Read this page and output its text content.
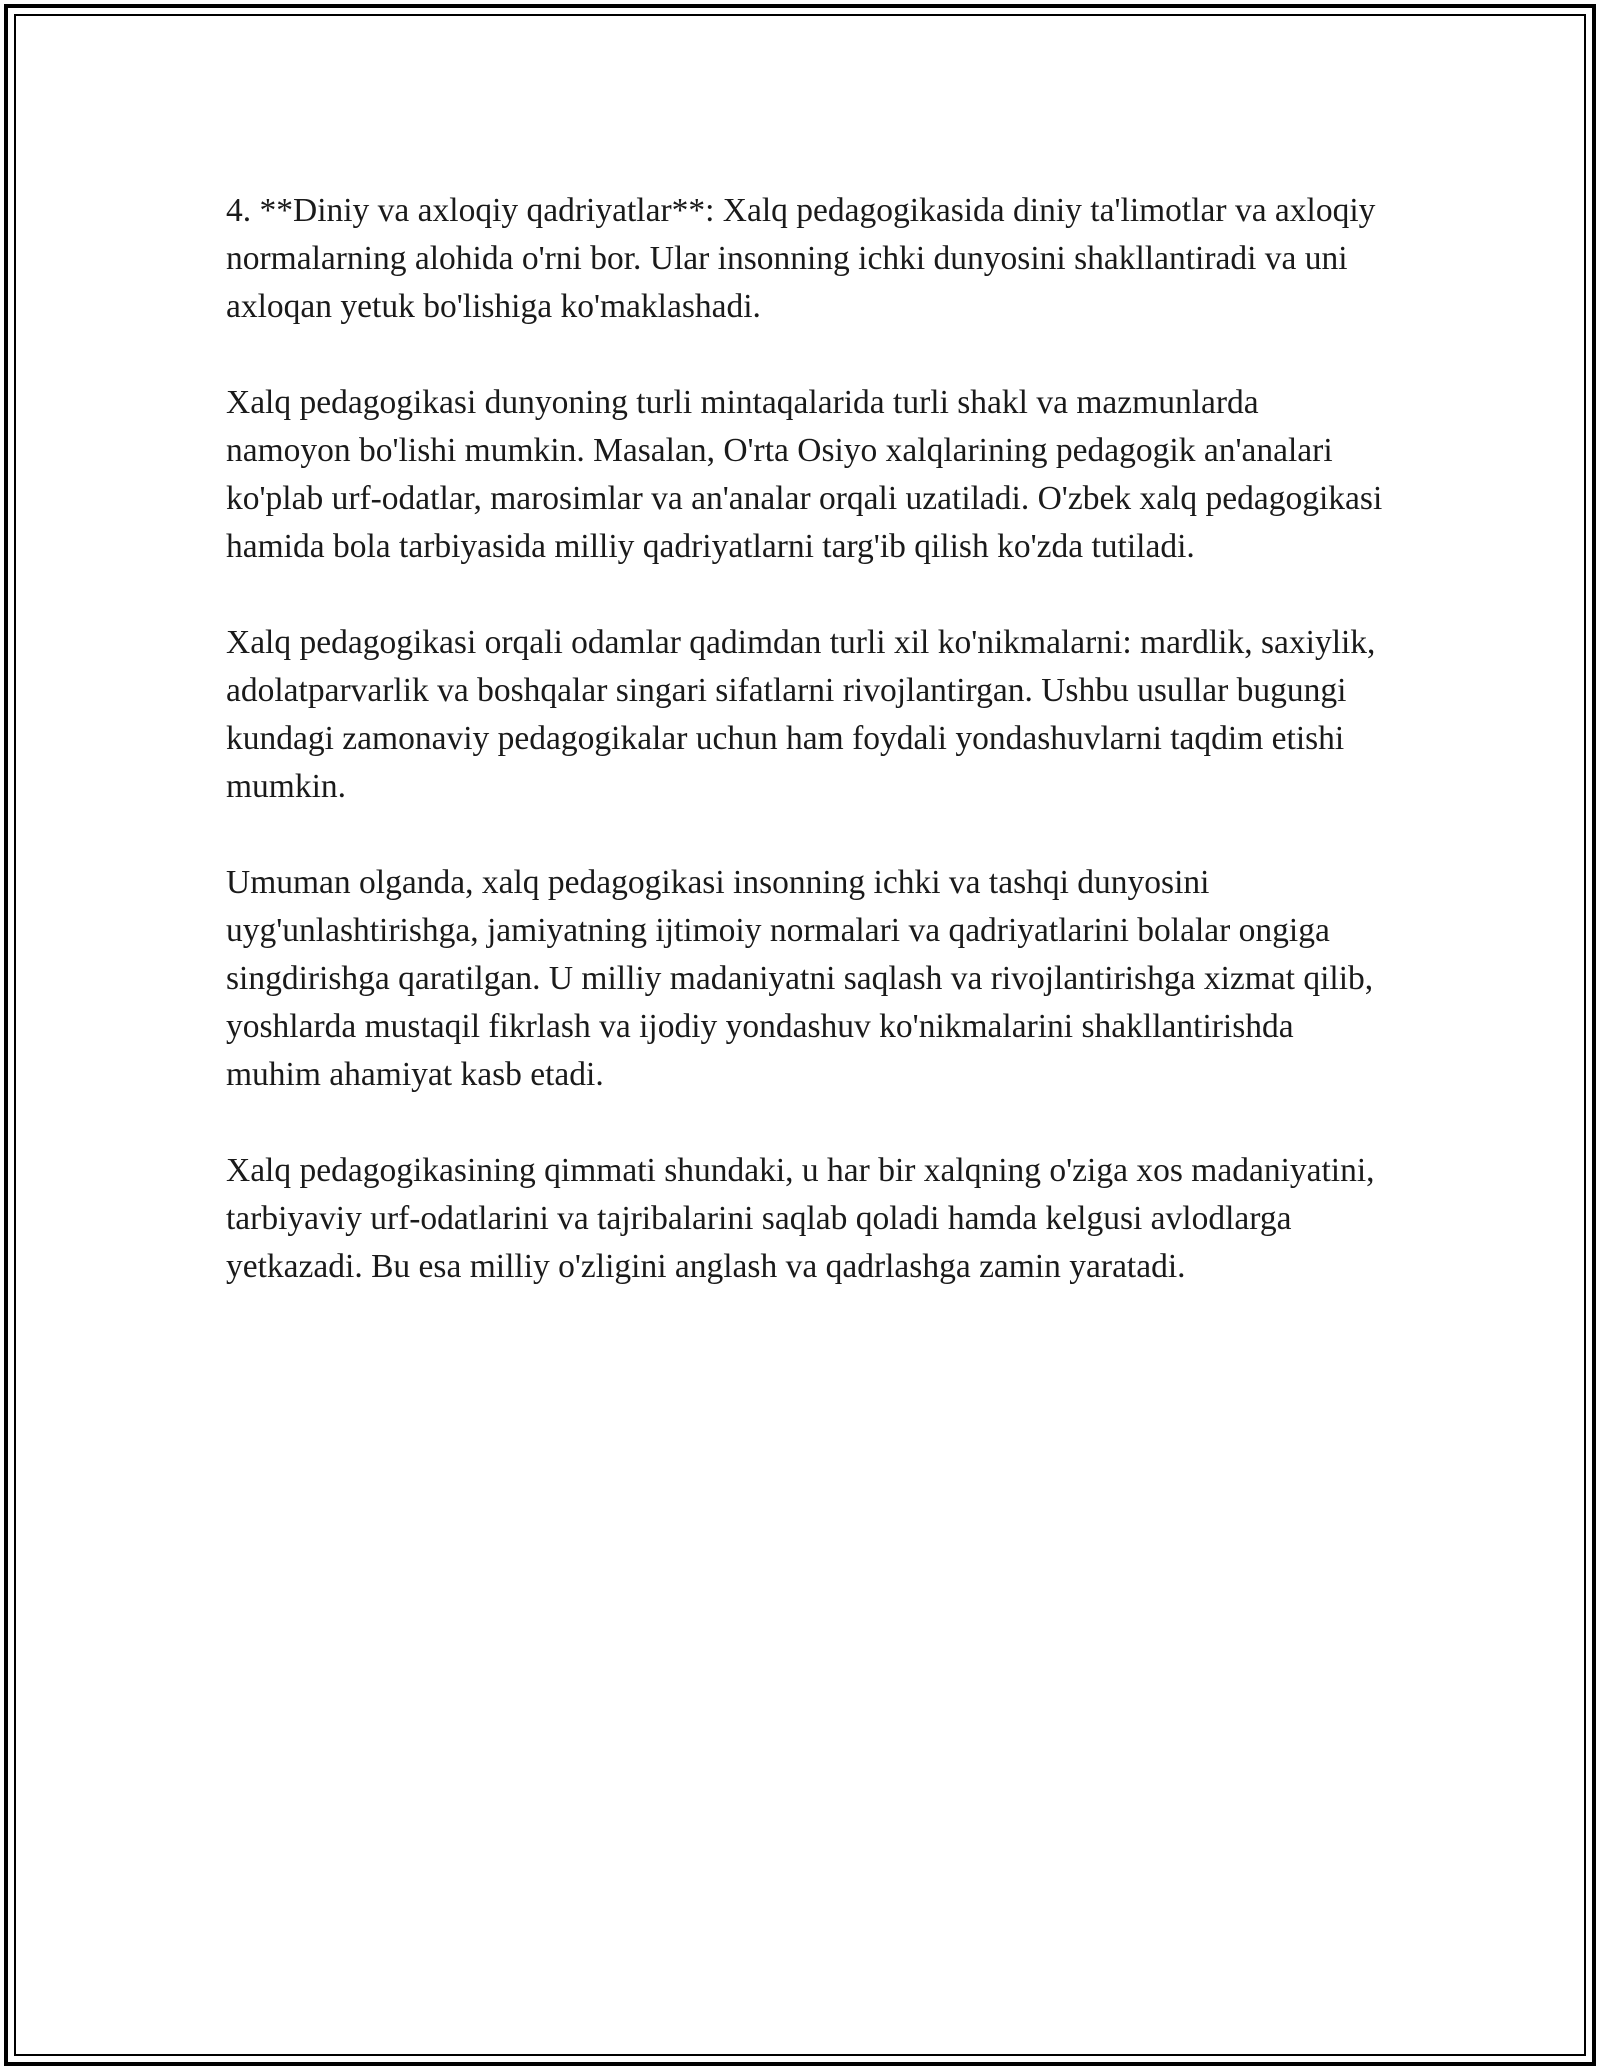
4. **Diniy va axloqiy qadriyatlar**: Xalq pedagogikasida diniy ta'limotlar va axloqiy normalarning alohida o'rni bor. Ular insonning ichki dunyosini shakllantiradi va uni axloqan yetuk bo'lishiga ko'maklashadi.

Xalq pedagogikasi dunyoning turli mintaqalarida turli shakl va mazmunlarda namoyon bo'lishi mumkin. Masalan, O'rta Osiyo xalqlarining pedagogik an'analari ko'plab urf-odatlar, marosimlar va an'analar orqali uzatiladi. O'zbek xalq pedagogikasi hamida bola tarbiyasida milliy qadriyatlarni targ'ib qilish ko'zda tutiladi.

Xalq pedagogikasi orqali odamlar qadimdan turli xil ko'nikmalarni: mardlik, saxiylik, adolatparvarlik va boshqalar singari sifatlarni rivojlantirgan. Ushbu usullar bugungi kundagi zamonaviy pedagogikalar uchun ham foydali yondashuvlarni taqdim etishi mumkin.

Umuman olganda, xalq pedagogikasi insonning ichki va tashqi dunyosini uyg'unlashtirishga, jamiyatning ijtimoiy normalari va qadriyatlarini bolalar ongiga singdirishga qaratilgan. U milliy madaniyatni saqlash va rivojlantirishga xizmat qilib, yoshlarda mustaqil fikrlash va ijodiy yondashuv ko'nikmalarini shakllantirishda muhim ahamiyat kasb etadi.

Xalq pedagogikasining qimmati shundaki, u har bir xalqning o'ziga xos madaniyatini, tarbiyaviy urf-odatlarini va tajribalarini saqlab qoladi hamda kelgusi avlodlarga yetkazadi. Bu esa milliy o'zligini anglash va qadrlashga zamin yaratadi.
